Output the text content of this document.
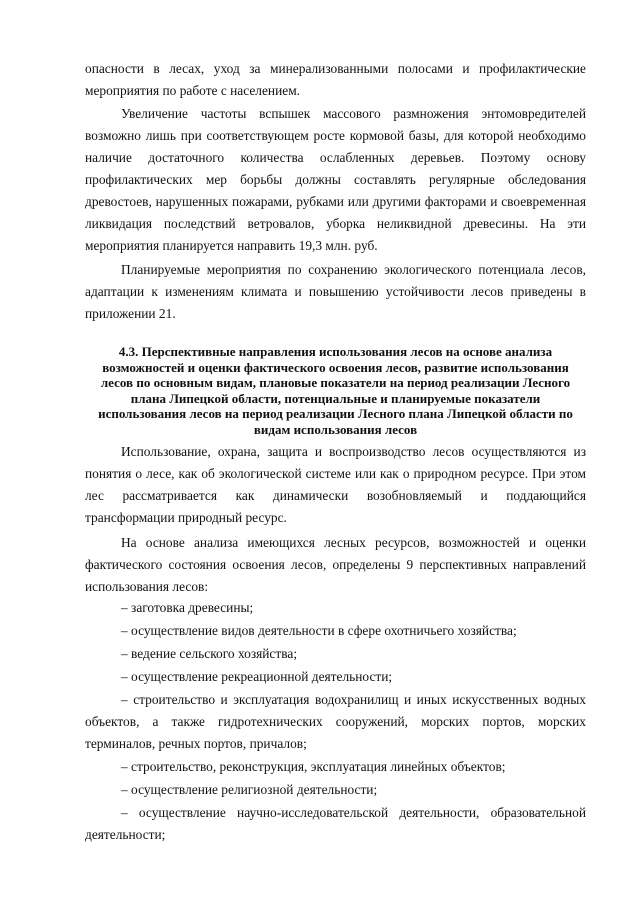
опасности в лесах, уход за минерализованными полосами и профилактические мероприятия по работе с населением.

Увеличение частоты вспышек массового размножения энтомовредителей возможно лишь при соответствующем росте кормовой базы, для которой необходимо наличие достаточного количества ослабленных деревьев. Поэтому основу профилактических мер борьбы должны составлять регулярные обследования древостоев, нарушенных пожарами, рубками или другими факторами и своевременная ликвидация последствий ветровалов, уборка неликвидной древесины. На эти мероприятия планируется направить 19,3 млн. руб.

Планируемые мероприятия по сохранению экологического потенциала лесов, адаптации к изменениям климата и повышению устойчивости лесов приведены в приложении 21.

4.3. Перспективные направления использования лесов на основе анализа возможностей и оценки фактического освоения лесов, развитие использования лесов по основным видам, плановые показатели на период реализации Лесного плана Липецкой области, потенциальные и планируемые показатели использования лесов на период реализации Лесного плана Липецкой области по видам использования лесов

Использование, охрана, защита и воспроизводство лесов осуществляются из понятия о лесе, как об экологической системе или как о природном ресурсе. При этом лес рассматривается как динамически возобновляемый и поддающийся трансформации природный ресурс.

На основе анализа имеющихся лесных ресурсов, возможностей и оценки фактического состояния освоения лесов, определены 9 перспективных направлений использования лесов:

– заготовка древесины;
– осуществление видов деятельности в сфере охотничьего хозяйства;
– ведение сельского хозяйства;
– осуществление рекреационной деятельности;
– строительство и эксплуатация водохранилищ и иных искусственных водных объектов, а также гидротехнических сооружений, морских портов, морских терминалов, речных портов, причалов;
– строительство, реконструкция, эксплуатация линейных объектов;
– осуществление религиозной деятельности;
– осуществление научно-исследовательской деятельности, образовательной деятельности;
